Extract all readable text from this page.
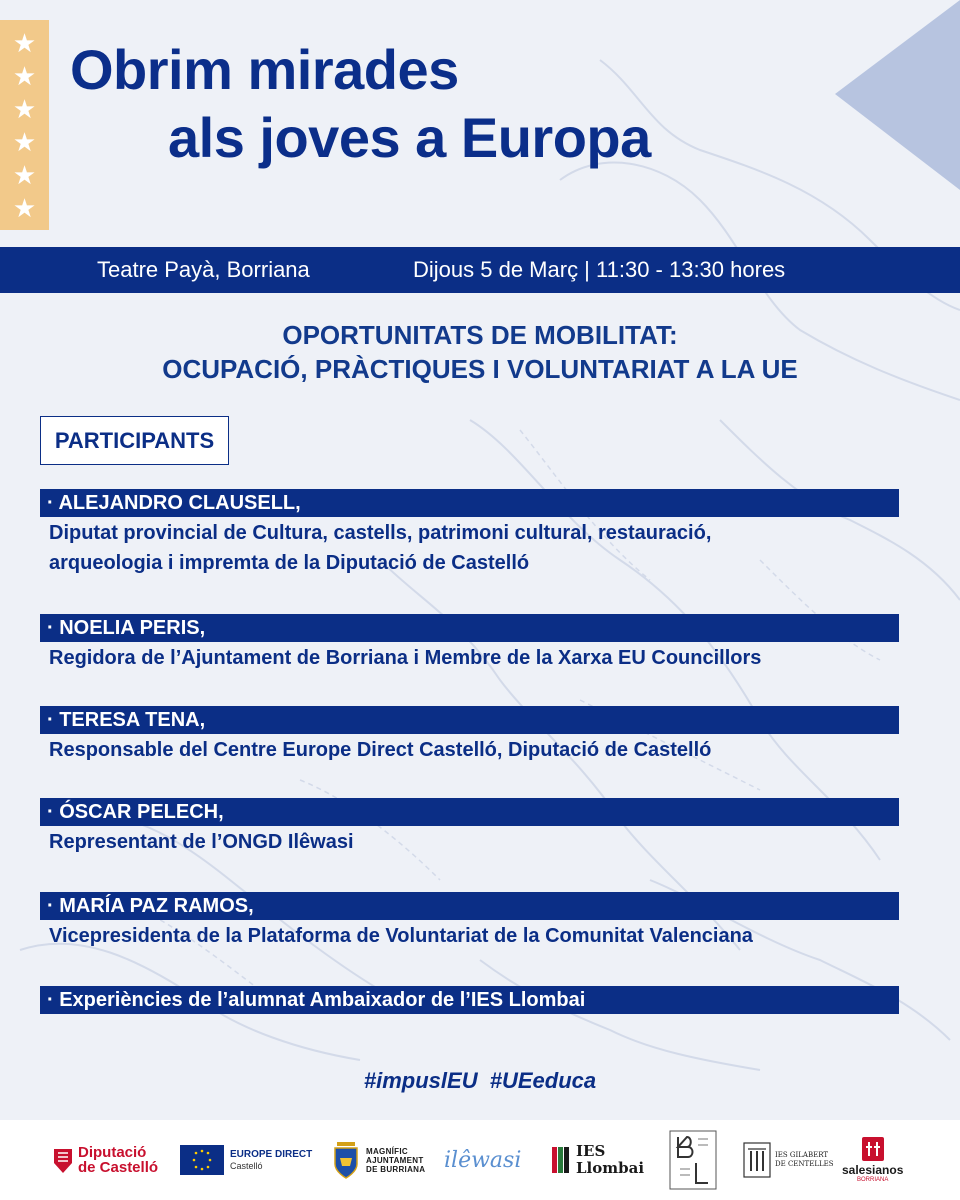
★
★
★
★
★
★
Obrim mirades
als joves a Europa
Teatre Payà, Borriana	Dijous 5 de Març | 11:30 - 13:30 hores
OPORTUNITATS DE MOBILITAT:
OCUPACIÓ, PRÀCTIQUES I VOLUNTARIAT A LA UE
PARTICIPANTS
· ALEJANDRO CLAUSELL,
Diputat provincial de Cultura, castells, patrimoni cultural, restauració,
arqueologia i impremta de la Diputació de Castelló
· NOELIA PERIS,
Regidora de l’Ajuntament de Borriana i Membre de la Xarxa EU Councillors
· TERESA TENA,
Responsable del Centre Europe Direct Castelló, Diputació de Castelló
· ÓSCAR PELECH,
Representant de l’ONGD Ilêwasi
· MARÍA PAZ RAMOS,
Vicepresidenta de la Plataforma de Voluntariat de la Comunitat Valenciana
· Experiències de l’alumnat Ambaixador de l’IES Llombai
#impuslEU #UEeduca
Diputació
de Castelló
EUROPE DIRECT
Castelló
MAGNÍFIC
AJUNTAMENT
DE BURRIANA ilêwasi	IES
Llombai
IES GILABERT
DE CENTELLES salesianos
BORRIANA
